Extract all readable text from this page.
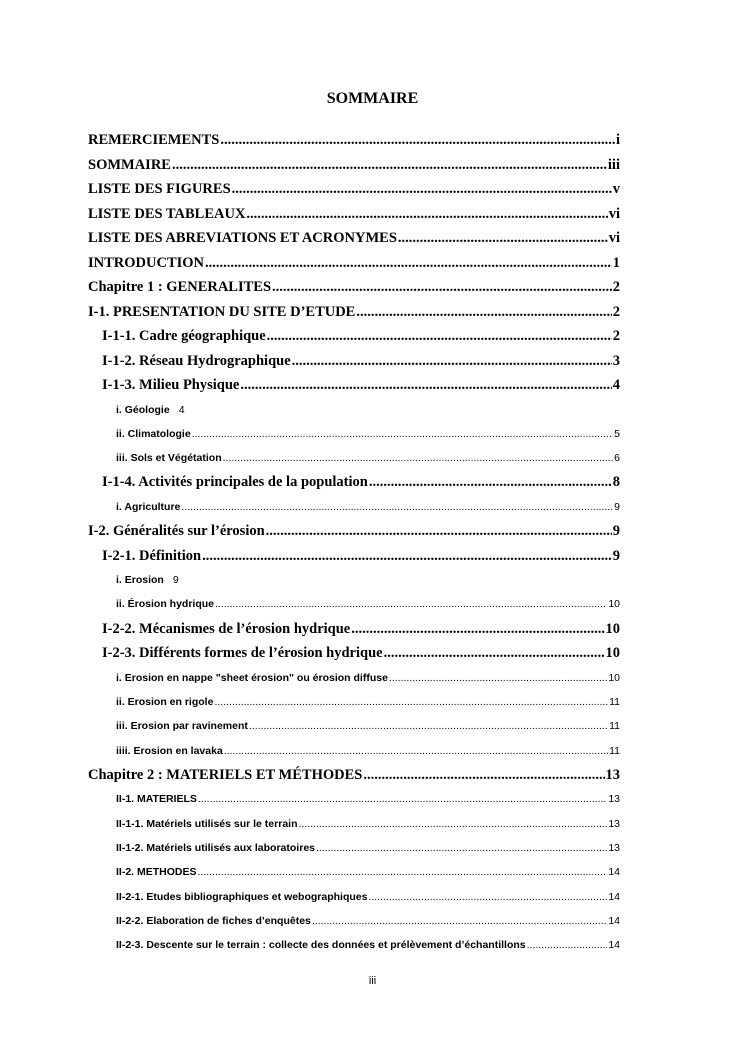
SOMMAIRE
REMERCIEMENTS .....	i
SOMMAIRE .....	iii
LISTE DES FIGURES .....	v
LISTE DES TABLEAUX .....	vi
LISTE DES ABREVIATIONS ET ACRONYMES .....	vi
INTRODUCTION .....	1
Chapitre 1 : GENERALITES .....	2
I-1. PRESENTATION DU SITE D’ETUDE .....	2
I-1-1. Cadre géographique .....	2
I-1-2. Réseau Hydrographique .....	3
I-1-3. Milieu Physique .....	4
i. Géologie 4
ii. Climatologie .....	5
iii. Sols et Végétation .....	6
I-1-4. Activités principales de la population .....	8
i. Agriculture .....	9
I-2. Généralités sur l’érosion .....	9
I-2-1. Définition .....	9
i. Erosion 9
ii. Érosion hydrique .....	10
I-2-2. Mécanismes de l’érosion hydrique .....	10
I-2-3. Différents formes de l’érosion hydrique .....	10
i. Erosion en nappe "sheet érosion" ou érosion diffuse .....	10
ii. Erosion en rigole .....	11
iii. Erosion par ravinement .....	11
iiii. Erosion en lavaka .....	11
Chapitre 2 : MATERIELS ET MÉTHODES .....	13
II-1. MATERIELS .....	13
II-1-1. Matériels utilisés sur le terrain .....	13
II-1-2. Matériels utilisés aux laboratoires .....	13
II-2. METHODES .....	14
II-2-1. Etudes bibliographiques et webographiques .....	14
II-2-2. Elaboration de fiches d’enquêtes .....	14
II-2-3. Descente sur le terrain : collecte des données et prélèvement d’échantillons .....	14
iii
